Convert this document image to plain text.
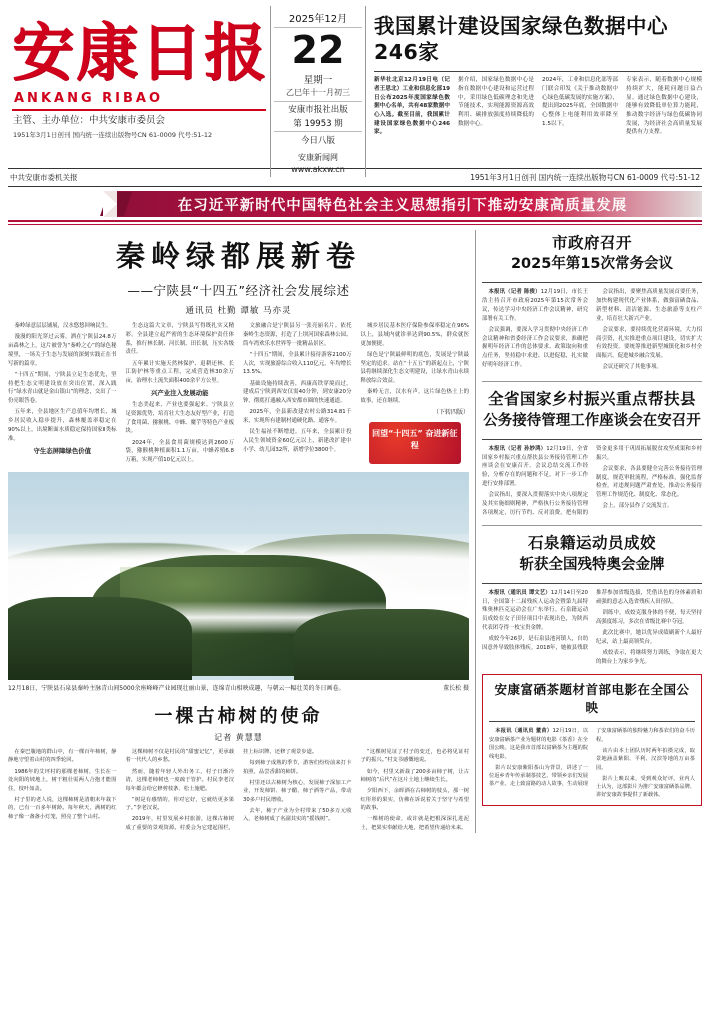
安康日报
ANKANG RIBAO
主管、主办单位：中共安康市委员会
1951年3月1日创刊 国内统一连续出版物号CN 61-0009 代号:51-12
2025年12月
22
星期一
乙巳年十一月初三
安康市报社出版
第 19953 期
今日八版
安康新闻网
www.akxw.cn
我国累计建设国家绿色数据中心246家

新华社北京12月19日电（记者王思北）工业和信息化部19日公布2025年度国家绿色数据中心名单，共有48家数据中心入选。截至目前，我国累计建设国家绿色数据中心246家。

据介绍，国家绿色数据中心是指在数据中心建设和运营过程中，采用绿色低碳理念和先进节能技术，实现能源资源高效利用、碳排放强度持续降低的数据中心。

2024年，工业和信息化部等部门联合印发《关于推动数据中心绿色低碳发展的实施方案》，提出到2025年底，全国数据中心整体上电能利用效率降至1.5以下。

专家表示，随着数据中心规模持续扩大，能耗问题日益凸显。通过绿色数据中心建设，能够有效降低单位算力能耗，推动数字经济与绿色低碳协同发展，为经济社会高质量发展提供有力支撑。

中共安康市委机关报	1951年3月1日创刊 国内统一连续出版物号CN 61-0009 代号:51-12
在习近平新时代中国特色社会主义思想指引下推动安康高质量发展
秦岭绿都展新卷
——宁陕县“十四五”经济社会发展综述
通讯员 杜勤 谭敏 马亦灵

秦岭绿意层层铺展，汉水悠悠回响民生。

漫漫的阳光穿过云雾，洒在宁陕县24.8万亩森林之上，这片被誉为“秦岭之心”的绿色秘境里，一场关于生态与发展的深刻实践正在书写新的篇章。

“十四五”期间，宁陕县立足生态优先，坚持把生态文明建设放在突出位置，深入践行“绿水青山就是金山银山”的理念，交出了一份亮眼答卷。

五年来，全县地区生产总值年均增长，城乡居民收入稳步提升，森林覆盖率稳定在90%以上，出境断面水质稳定保持国家Ⅱ类标准。

守生态屏障绿色价值

生态这篇大文章，宁陕县写得既扎实又精彩。全县建立起严密的生态环境保护责任体系，推行林长制、河长制、田长制，压实各级责任。

五年累计实施天然林保护、退耕还林、长江防护林等重点工程，完成营造林30余万亩，治理水土流失面积400余平方公里。

兴产业注入发展动能

生态美起来，产业也要强起来。宁陕县立足资源优势，培育壮大生态友好型产业，打造了食用菌、猕猴桃、中蜂、魔芋等特色产业板块。

2024年，全县食用菌规模达到2600万袋，猕猴桃种植面积1.1万亩，中蜂养殖6.8万箱，实现产值10亿元以上。

文旅融合是宁陕县另一张亮丽名片。依托秦岭生态资源，打造了上坝河国家森林公园、筒车湾欢乐水世界等一批精品景区。

“十四五”期间，全县累计接待游客2100万人次，实现旅游综合收入110亿元，年均增长13.5%。

基础设施持续改善，西康高铁穿境而过，建成后宁陕到西安仅需40分钟，到安康20分钟，彻底打通融入西安都市圈的快速通道。

2025年，全县新改建农村公路314.81千米，实现所有建制村通硬化路、通客车。

民生福祉不断增进。五年来，全县累计投入民生领域资金60亿元以上，新建改扩建中小学、幼儿园32所，新增学位3800个。

城乡居民基本医疗保险参保率稳定在96%以上，县域内就诊率达到90.5%，群众就医更加便捷。

绿色是宁陕最鲜明的底色，发展是宁陕最坚定的追求。站在“十五五”的新起点上，宁陕县将继续深化生态文明建设，让绿水青山永续释放综合效益。

秦岭无言，汉水有声。这片绿色热土上的故事，还在继续。

（下转四版）

回望“十四五” 奋进新征程
12月18日，宁陕县石泉县秦岭主脉青山间5000余座峰峰产业园现壮丽山景，连绵青山相映成趣，与朝云一幅壮美的冬日画卷。	董长松 摄
一棵古柿树的使命
记者 黄慧慧

在秦巴腹地的群山中，有一棵百年柿树，静静地守望着山村的四季轮回。

1986年的艾坪村的那棵老柿树，生长在一处向阳的坡地上，树干粗壮需两人合抱才能围住，枝叶如盖。

村子里的老人说，这棵柿树是清朝末年栽下的，已有一百多年树龄。每年秋天，满树的红柿子像一盏盏小灯笼，照亮了整个山村。

这棵柿树不仅是村民的“甜蜜记忆”，更承载着一代代人的乡愁。

然而，随着年轻人外出务工，村子日渐冷清，这棵老柿树也一度疏于管护。村民李老汉每年都会给它修剪枝条、松土施肥。

“树是有感情的，你对它好，它就结更多果子。”李老汉说。

2019年，村里发展乡村旅游，这棵古柿树成了重要的景观资源。村委会为它建起围栏，挂上标识牌，还修了观景步道。

每到柿子成熟的季节，游客们纷纷前来打卡拍照，品尝香甜的柿饼。

村里还以古柿树为核心，发展柿子深加工产业，开发柿饼、柿子醋、柿子酒等产品，带动30多户村民增收。

去年，柿子产业为全村带来了50多万元收入，老柿树成了名副其实的“摇钱树”。

“这棵树见证了村子的变迁，也必将见证村子的振兴。”村支书感慨地说。

如今，村里又新栽了200多亩柿子树，让古柿树的“后代”在这片土地上继续生长。

夕阳西下，余晖洒在古柿树的枝头，那一树红彤彤的果实，仿佛在诉说着关于坚守与希望的故事。

一棵树的使命，或许就是把根深深扎进泥土，把果实奉献给大地，把希望传递给未来。

市政府召开
2025年第15次常务会议

本报讯（记者 陈俊）12月19日，市长王浩主持召开市政府2025年第15次常务会议，传达学习中央经济工作会议精神，研究部署有关工作。

会议强调，要深入学习贯彻中央经济工作会议精神和省委经济工作会议要求，准确把握明年经济工作的总体要求、政策取向和重点任务，坚持稳中求进、以进促稳，扎实做好明年经济工作。

会议指出，要聚焦高质量发展首要任务，加快构建现代化产业体系，做强富硒食品、新型材料、清洁能源、生态旅游等支柱产业，培育壮大新兴产业。

会议要求，要持续优化营商环境，大力招商引资，扎实推进重点项目建设，切实扩大有效投资。要统筹推进新型城镇化和乡村全面振兴，促进城乡融合发展。

会议还研究了其他事项。

全省国家乡村振兴重点帮扶县
公务接待管理工作座谈会在安召开

本报讯（记者 孙妙鸿）12月19日，全省国家乡村振兴重点帮扶县公务接待管理工作座谈会在安康召开。会议总结交流工作经验，分析存在的问题和不足，对下一步工作进行安排部署。

会议指出，要深入贯彻落实中央八项规定及其实施细则精神，严格执行公务接待管理各项规定，厉行节约、反对浪费，把有限的资金更多用于巩固拓展脱贫攻坚成果和乡村振兴。

会议要求，各县要健全完善公务接待管理制度，规范审批流程，严格标准，强化监督检查，对违规问题严肃查处，推动公务接待管理工作规范化、制度化、常态化。

会上，部分县作了交流发言。

石泉籍运动员成姣
斩获全国残特奥会金牌

本报讯（通讯员 谭文艺）12月14日至20日，全国第十二届残疾人运动会暨第九届特殊奥林匹克运动会在广东举行。石泉籍运动员成姣在女子田径项目中表现出色，为陕西代表团夺得一枚宝贵金牌。

成姣今年26岁，是石泉县池河镇人，自幼因意外导致肢体残疾。2018年，她被县残联推荐参加省级选拔，凭借出色的身体素质和顽强的意志入选省残疾人田径队。

训练中，成姣克服身体的不便，每天坚持高强度练习，多次在省级比赛中夺冠。

此次比赛中，她以优异成绩刷新个人最好纪录，站上最高领奖台。

成姣表示，将继续努力训练，争取在更大的舞台上为家乡争光。

安康富硒茶题材首部电影在全国公映

本报讯（通讯员 董苗）12月19日，以安康富硒茶产业为题材的电影《茶香》在全国公映。这是我市首部以富硒茶为主题的院线电影。

影片以安康紫阳茶山为背景，讲述了一位返乡青年传承制茶技艺、带领乡亲们发展茶产业、走上致富路的动人故事，生动展现了安康富硒茶的独特魅力和茶农们的奋斗历程。

该片由本土团队历时两年拍摄完成，取景地涵盖紫阳、平利、汉滨等地的万亩茶园。

影片上映以来，受到观众好评。业内人士认为，这部影片为推广安康富硒茶品牌、讲好安康故事提供了新载体。
